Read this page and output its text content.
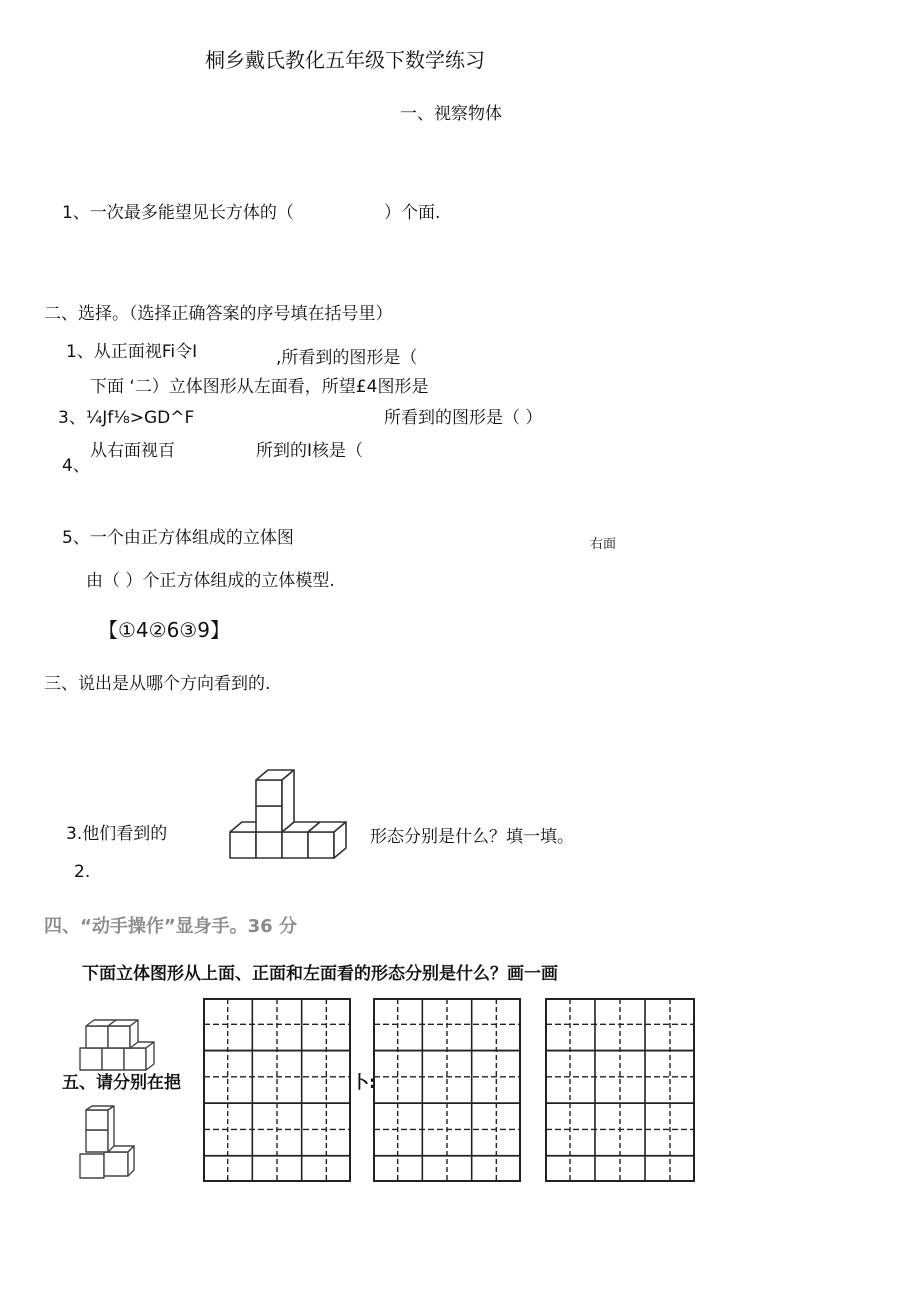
桐乡戴氏教化五年级下数学练习
一、视察物体
1、一次最多能望见长方体的（	）个面.
二、选择。（选择正确答案的序号填在括号里）
1、从正面视Fi令I	,所看到的图形是（
下面 ‘二）立体图形从左面看，所望£4图形是
3、¼Jf⅛>GD^F	所看到的图形是（ ）
从右面视百
4、
所到的I核是（
5、一个由正方体组成的立体图	右面
由（ ）个正方体组成的立体模型.
【①4②6③9】
三、说出是从哪个方向看到的.
3.他们看到的	形态分别是什么？填一填。
2.
四、“动手操作”显身手。36 分
下面立体图形从上面、正面和左面看的形态分别是什么？画一画
五、请分别在挹	卜:
